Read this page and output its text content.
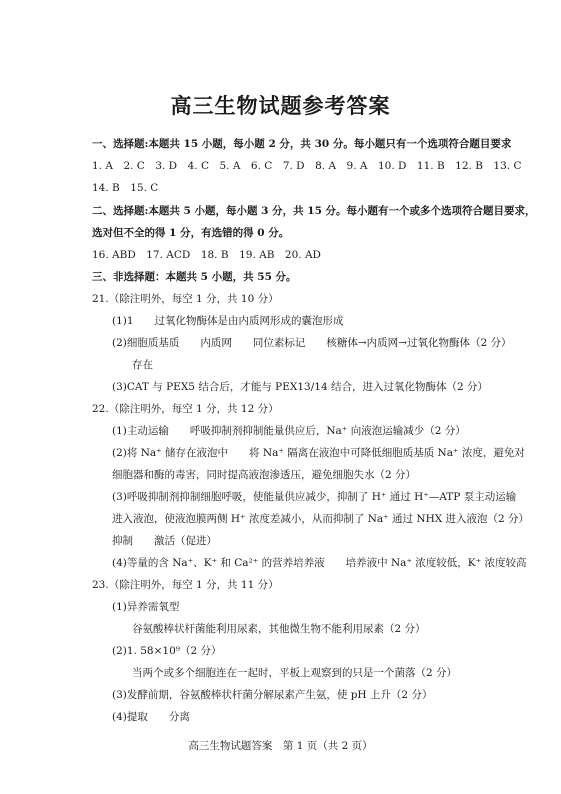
高三生物试题参考答案
一、选择题:本题共 15 小题，每小题 2 分，共 30 分。每小题只有一个选项符合题目要求
1. A　2. C　3. D　4. C　5. A　6. C　7. D　8. A　9. A　10. D　11. B　12. B　13. C
14. B　15. C
二、选择题:本题共 5 小题，每小题 3 分，共 15 分。每小题有一个或多个选项符合题目要求，
选对但不全的得 1 分，有选错的得 0 分。
16. ABD　17. ACD　18. B　19. AB　20. AD
三、非选择题：本题共 5 小题，共 55 分。
21.（除注明外，每空 1 分，共 10 分）
(1)1　　过氧化物酶体是由内质网形成的囊泡形成
(2)细胞质基质　　内质网　　同位素标记　　核糖体→内质网→过氧化物酶体（2 分）
存在
(3)CAT 与 PEX5 结合后，才能与 PEX13/14 结合，进入过氧化物酶体（2 分）
22.（除注明外，每空 1 分，共 12 分）
(1)主动运输　　呼吸抑制剂抑制能量供应后，Na⁺ 向液泡运输减少（2 分）
(2)将 Na⁺ 储存在液泡中　　将 Na⁺ 隔离在液泡中可降低细胞质基质 Na⁺ 浓度，避免对
细胞器和酶的毒害，同时提高液泡渗透压，避免细胞失水（2 分）
(3)呼吸抑制剂抑制细胞呼吸，使能量供应减少，抑制了 H⁺ 通过 H⁺—ATP 泵主动运输
进入液泡，使液泡膜两侧 H⁺ 浓度差减小，从而抑制了 Na⁺ 通过 NHX 进入液泡（2 分）
抑制　　激活（促进）
(4)等量的含 Na⁺、K⁺ 和 Ca²⁺ 的营养培养液　　培养液中 Na⁺ 浓度较低，K⁺ 浓度较高
23.（除注明外，每空 1 分，共 11 分）
(1)异养需氧型
谷氨酸棒状杆菌能利用尿素，其他微生物不能利用尿素（2 分）
(2)1. 58×10⁹（2 分）
当两个或多个细胞连在一起时，平板上观察到的只是一个菌落（2 分）
(3)发酵前期，谷氨酸棒状杆菌分解尿素产生氨，使 pH 上升（2 分）
(4)提取　　分离
高三生物试题答案　第 1 页（共 2 页）
